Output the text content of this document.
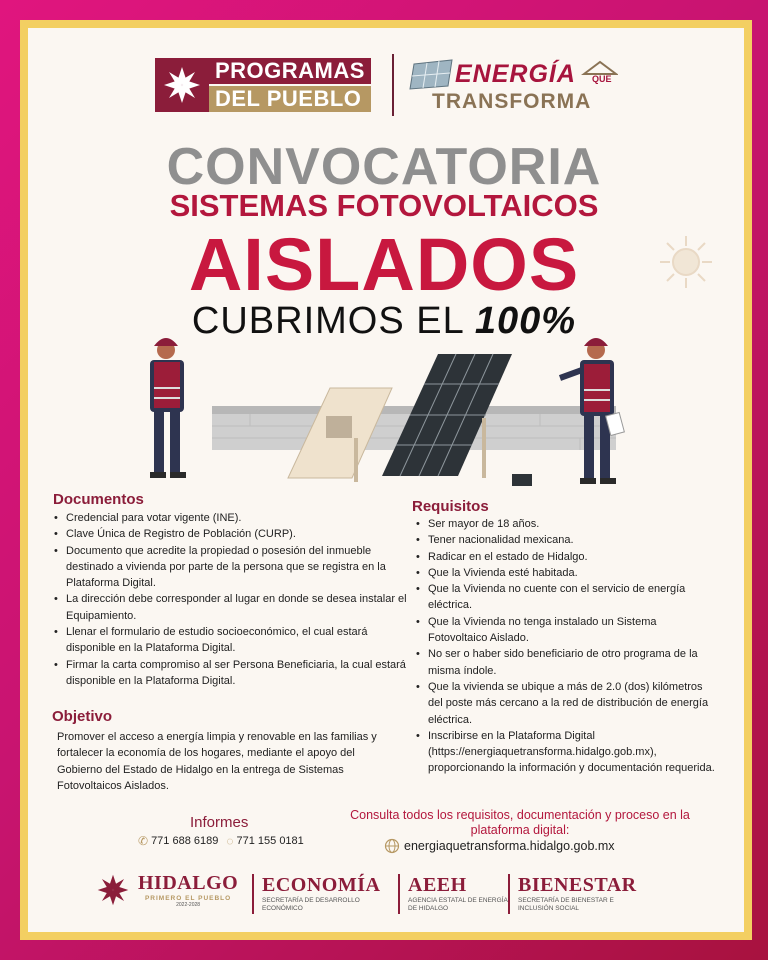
PROGRAMAS
DEL PUEBLO
ENERGÍA QUE
TRANSFORMA
CONVOCATORIA
SISTEMAS FOTOVOLTAICOS
AISLADOS
CUBRIMOS EL 100%
Documentos
• Credencial para votar vigente (INE).
• Clave Única de Registro de Población (CURP).
• Documento que acredite la propiedad o posesión del inmueble destinado a vivienda por parte de la persona que se registra en la Plataforma Digital.
• La dirección debe corresponder al lugar en donde se desea instalar el Equipamiento.
• Llenar el formulario de estudio socioeconómico, el cual estará disponible en la Plataforma Digital.
• Firmar la carta compromiso al ser Persona Beneficiaria, la cual estará disponible en la Plataforma Digital.
Objetivo

Promover el acceso a energía limpia y renovable en las familias y fortalecer la economía de los hogares, mediante el apoyo del Gobierno del Estado de Hidalgo en la entrega de Sistemas Fotovoltaicos Aislados.

Requisitos
• Ser mayor de 18 años.
• Tener nacionalidad mexicana.
• Radicar en el estado de Hidalgo.
• Que la Vivienda esté habitada.
• Que la Vivienda no cuente con el servicio de energía eléctrica.
• Que la Vivienda no tenga instalado un Sistema Fotovoltaico Aislado.
• No ser o haber sido beneficiario de otro programa de la misma índole.
• Que la vivienda se ubique a más de 2.0 (dos) kilómetros del poste más cercano a la red de distribución de energía eléctrica.
• Inscribirse en la Plataforma Digital (https://energiaquetransforma.hidalgo.gob.mx), proporcionando la información y documentación requerida.
Informes
✆ 771 688 6189 ◌ 771 155 0181
Consulta todos los requisitos, documentación y proceso en la plataforma digital:
energiaquetransforma.hidalgo.gob.mx
HIDALGO
PRIMERO EL PUEBLO
2022-2028
ECONOMÍA
SECRETARÍA DE DESARROLLO ECONÓMICO
AEEH
AGENCIA ESTATAL DE ENERGÍA DE HIDALGO
BIENESTAR
SECRETARÍA DE BIENESTAR E INCLUSIÓN SOCIAL
